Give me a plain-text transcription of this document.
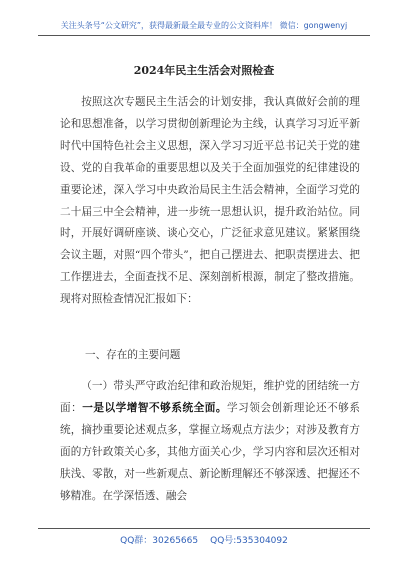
关注头条号“公文研究”，获得最新最全最专业的公文资料库！ 微信：gongwenyj
2024年民主生活会对照检查
按照这次专题民主生活会的计划安排，我认真做好会前的理论和思想准备，以学习贯彻创新理论为主线，认真学习习近平新时代中国特色社会主义思想，深入学习习近平总书记关于党的建设、党的自我革命的重要思想以及关于全面加强党的纪律建设的重要论述，深入学习中央政治局民主生活会精神，全面学习党的二十届三中全会精神，进一步统一思想认识，提升政治站位。同时，开展好调研座谈、谈心交心，广泛征求意见建议。紧紧围绕会议主题，对照“四个带头”，把自己摆进去、把职责摆进去、把工作摆进去，全面查找不足、深刻剖析根源，制定了整改措施。现将对照检查情况汇报如下：
一、存在的主要问题
（一）带头严守政治纪律和政治规矩，维护党的团结统一方面：一是以学增智不够系统全面。学习领会创新理论还不够系统，摘抄重要论述观点多，掌握立场观点方法少；对涉及教育方面的方针政策关心多，其他方面关心少，学习内容和层次还相对肤浅、零散，对一些新观点、新论断理解还不够深透、把握还不够精准。在学深悟透、融会
QQ群：30265665 QQ号:535304092
